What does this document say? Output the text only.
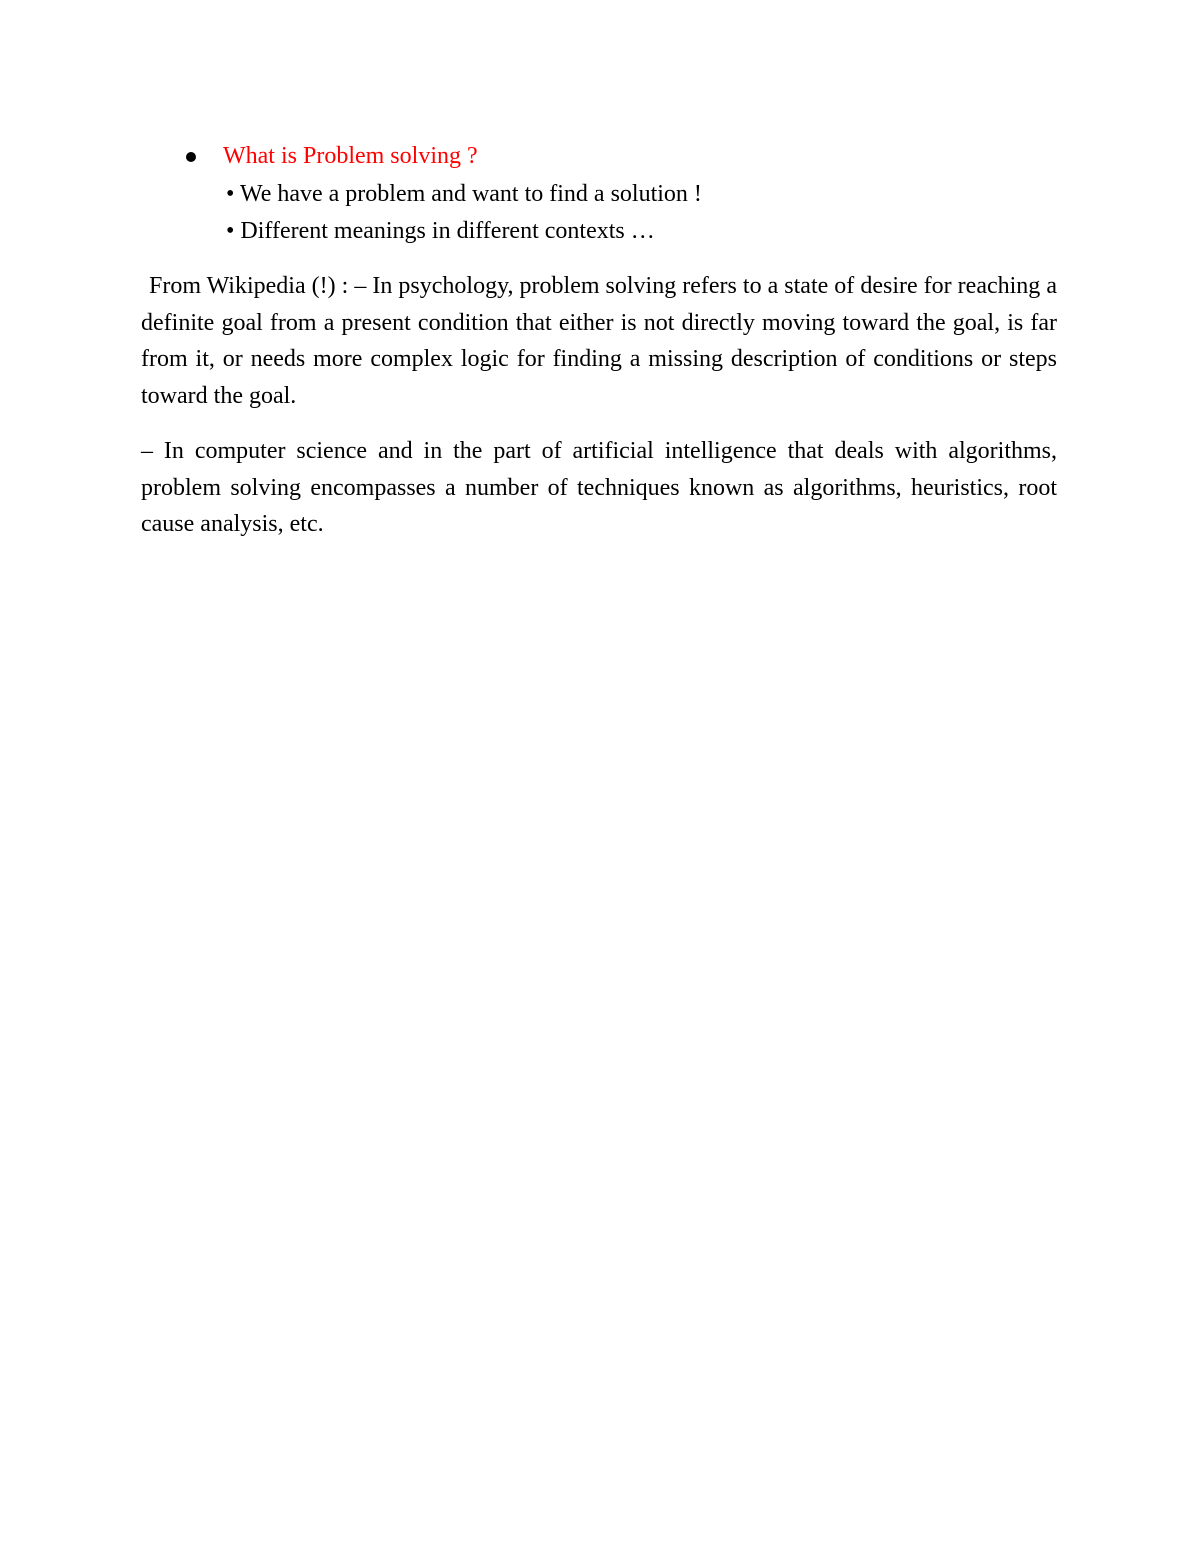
What is Problem solving ?

• We have a problem and want to find a solution !

• Different meanings in different contexts …

From Wikipedia (!) : – In psychology, problem solving refers to a state of desire for reaching a definite goal from a present condition that either is not directly moving toward the goal, is far from it, or needs more complex logic for finding a missing description of conditions or steps toward the goal.

– In computer science and in the part of artificial intelligence that deals with algorithms, problem solving encompasses a number of techniques known as algorithms, heuristics, root cause analysis, etc.
